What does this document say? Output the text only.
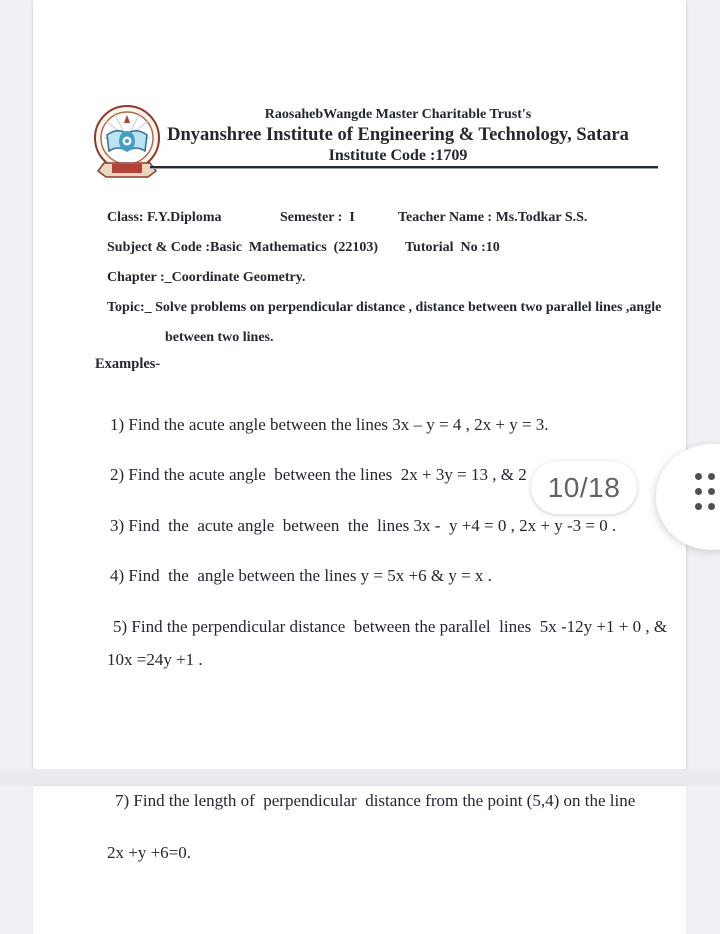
RaosahebWangde Master Charitable Trust's
Dnyanshree Institute of Engineering & Technology, Satara
Institute Code :1709
Class: F.Y.Diploma	Semester :  I	Teacher Name : Ms.Todkar S.S.
Subject & Code :Basic  Mathematics  (22103) Tutorial  No :10
Chapter :_Coordinate Geometry.
Topic:_ Solve problems on perpendicular distance , distance between two parallel lines ,angle
between two lines.
Examples-
1) Find the acute angle between the lines 3x – y = 4 , 2x + y = 3.
2) Find the acute angle  between the lines  2x + 3y = 13 , & 2
3) Find  the  acute angle  between  the  lines 3x -  y +4 = 0 , 2x + y -3 = 0 .
4) Find  the  angle between the lines y = 5x +6 & y = x .
5) Find the perpendicular distance  between the parallel  lines  5x -12y +1 + 0 , &
10x =24y +1 .
7) Find the length of  perpendicular  distance from the point (5,4) on the line
2x +y +6=0.
10/18
